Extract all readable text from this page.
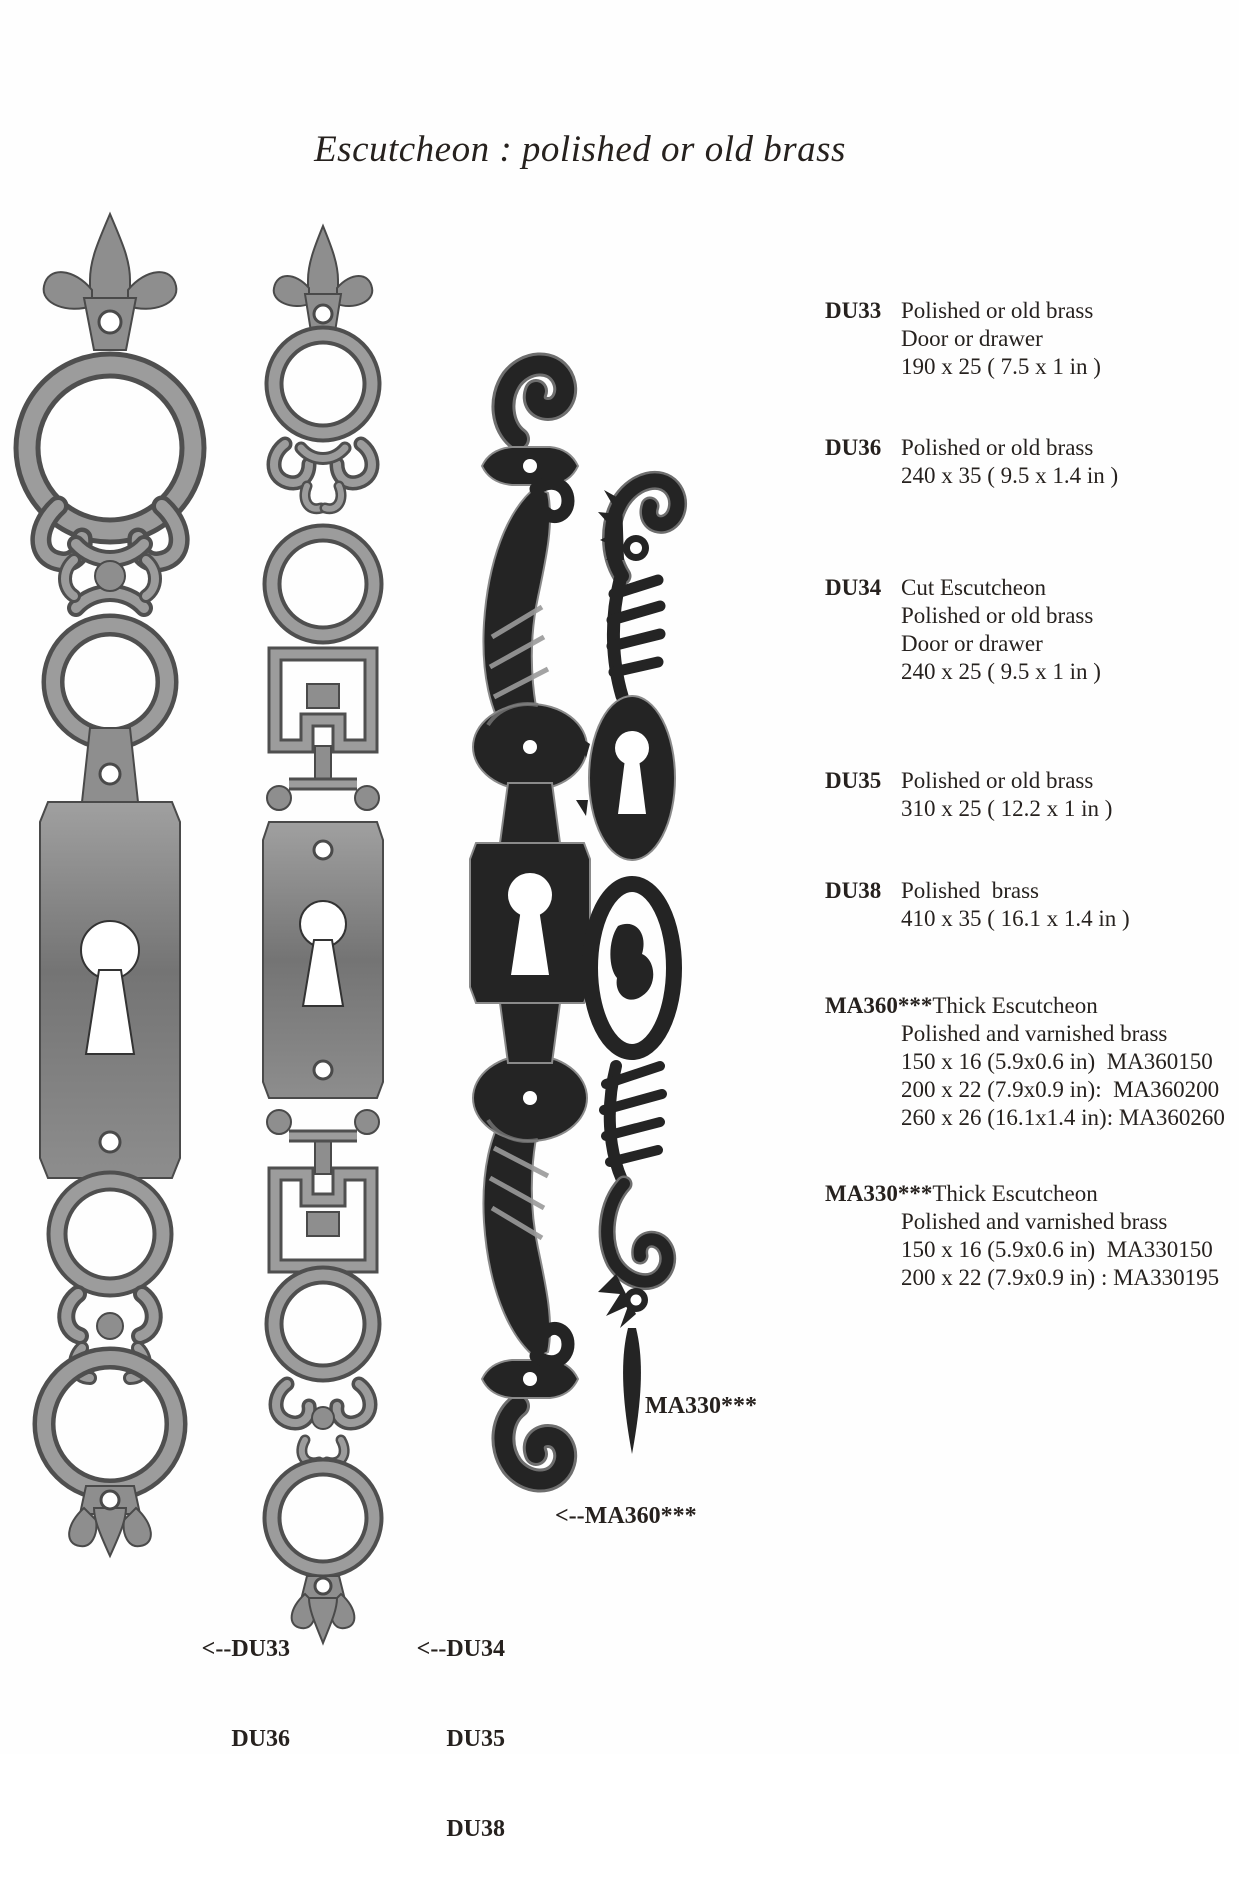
Escutcheon : polished or old brass
DU33 Polished or old brass
Door or drawer
190 x 25 ( 7.5 x 1 in )
DU36 Polished or old brass
240 x 35 ( 9.5 x 1.4 in )
DU34 Cut Escutcheon
Polished or old brass
Door or drawer
240 x 25 ( 9.5 x 1 in )
DU35 Polished or old brass
310 x 25 ( 12.2 x 1 in )
DU38 Polished  brass
410 x 35 ( 16.1 x 1.4 in )
MA360***Thick Escutcheon
Polished and varnished brass
150 x 16 (5.9x0.6 in)  MA360150
200 x 22 (7.9x0.9 in):  MA360200
260 x 26 (16.1x1.4 in): MA360260
MA330***Thick Escutcheon
Polished and varnished brass
150 x 16 (5.9x0.6 in)  MA330150
200 x 22 (7.9x0.9 in) : MA330195
MA330***
<--MA360***

<--DU33

DU36

<--DU34

DU35

DU38
